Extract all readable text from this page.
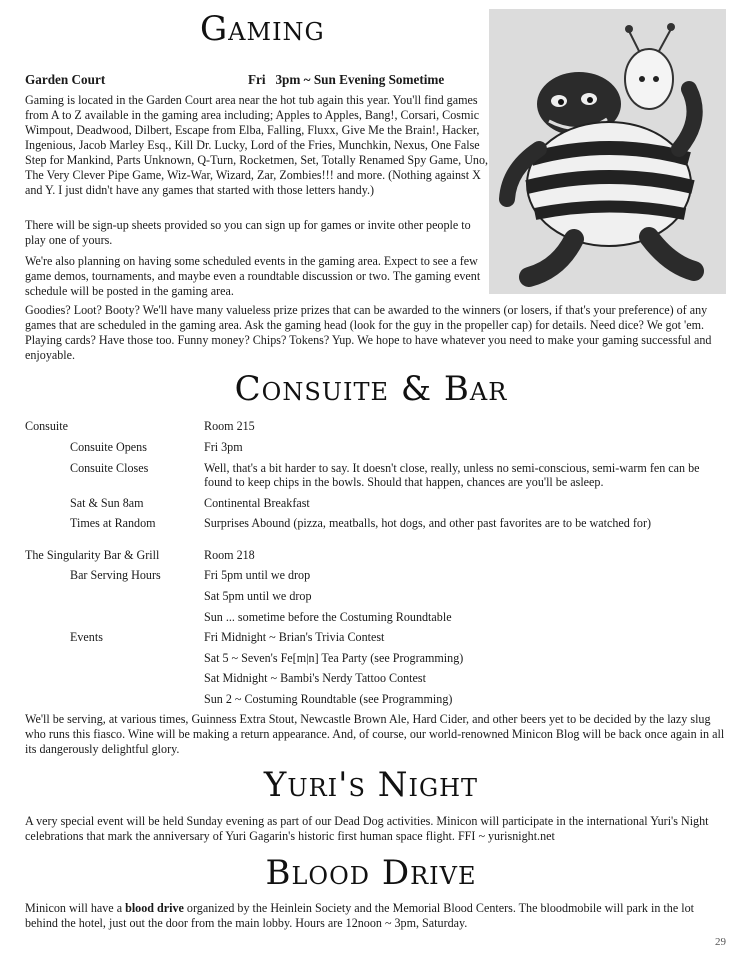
Gaming
Garden Court	Fri   3pm ~ Sun Evening Sometime

Gaming is located in the Garden Court area near the hot tub again this year. You'll find games from A to Z available in the gaming area including; Apples to Apples, Bang!, Corsari, Cosmic Wimpout, Deadwood, Dilbert, Escape from Elba, Falling, Fluxx, Give Me the Brain!, Hacker, Ingenious, Jacob Marley Esq., Kill Dr. Lucky, Lord of the Fries, Munchkin, Nexus, One False Step for Mankind, Parts Unknown, Q-Turn, Rocketmen, Set, Totally Renamed Spy Game, Uno, The Very Clever Pipe Game, Wiz-War, Wizard, Zar, Zombies!!! and more. (Nothing against X and Y. I just didn't have any games that started with those letters handy.)

There will be sign-up sheets provided so you can sign up for games or invite other people to play one of yours.

We're also planning on having some scheduled events in the gaming area. Expect to see a few game demos, tournaments, and maybe even a roundtable discussion or two. The gaming event schedule will be posted in the gaming area.

Goodies? Loot? Booty? We'll have many valueless prize prizes that can be awarded to the winners (or losers, if that's your preference) of any games that are scheduled in the gaming area. Ask the gaming head (look for the guy in the propeller cap) for details. Need dice? We got 'em. Playing cards? Have those too. Funny money? Chips? Tokens? Yup. We hope to have whatever you need to make your gaming successful and enjoyable.

Consuite & Bar
Consuite	Room 215
Consuite Opens	Fri 3pm
Consuite Closes	Well, that's a bit harder to say. It doesn't close, really, unless no semi-conscious, semi-warm fen can be found to keep chips in the bowls. Should that happen, chances are you'll be asleep.
Sat & Sun 8am	Continental Breakfast
Times at Random	Surprises Abound (pizza, meatballs, hot dogs, and other past favorites are to be watched for)
The Singularity Bar & Grill	Room 218
Bar Serving Hours	Fri 5pm until we drop
Sat 5pm until we drop
Sun ... sometime before the Costuming Roundtable
Events	Fri Midnight ~ Brian's Trivia Contest
Sat 5 ~ Seven's Fe[m|n] Tea Party (see Programming)
Sat Midnight ~ Bambi's Nerdy Tattoo Contest
Sun 2 ~ Costuming Roundtable (see Programming)

We'll be serving, at various times, Guinness Extra Stout, Newcastle Brown Ale, Hard Cider, and other beers yet to be decided by the lazy slug who runs this fiasco. Wine will be making a return appearance. And, of course, our world-renowned Minicon Blog will be back once again in all its dangerously delightful glory.

Yuri's Night

A very special event will be held Sunday evening as part of our Dead Dog activities. Minicon will participate in the international Yuri's Night celebrations that mark the anniversary of Yuri Gagarin's historic first human space flight. FFI ~ yurisnight.net

Blood Drive

Minicon will have a blood drive organized by the Heinlein Society and the Memorial Blood Centers. The bloodmobile will park in the lot behind the hotel, just out the door from the main lobby. Hours are 12noon ~ 3pm, Saturday.

29
